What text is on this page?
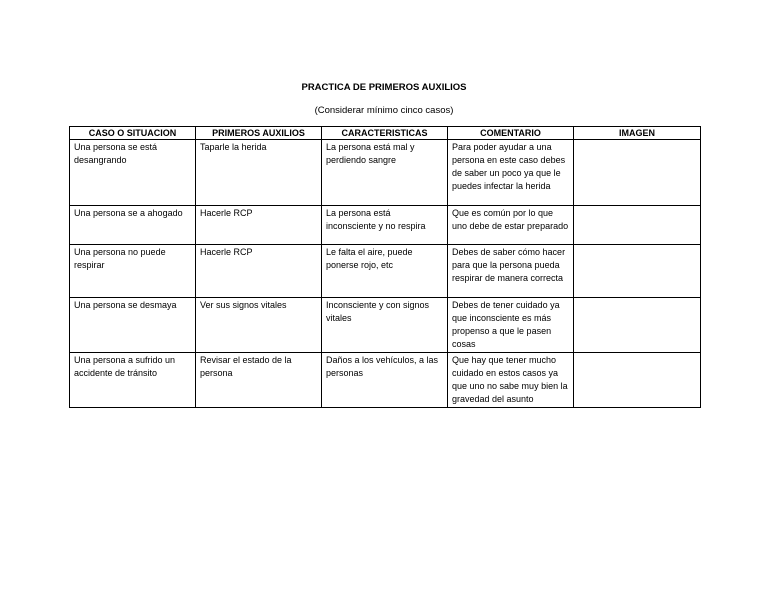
PRACTICA DE PRIMEROS AUXILIOS
(Considerar mínimo cinco casos)
CASO O SITUACION	PRIMEROS AUXILIOS	CARACTERISTICAS	COMENTARIO	IMAGEN
Una persona se está desangrando	Taparle la herida	La persona está mal y perdiendo sangre	Para poder ayudar a una persona en este caso debes de saber un poco ya que le puedes infectar la herida	
Una persona se a ahogado	Hacerle RCP	La persona está inconsciente y no respira	Que es común por lo que uno debe de estar preparado	
Una persona no puede respirar	Hacerle RCP	Le falta el aire, puede ponerse rojo, etc	Debes de saber cómo hacer para que la persona pueda respirar de manera correcta	
Una persona se desmaya	Ver sus signos vitales	Inconsciente y con signos vitales	Debes de tener cuidado ya que inconsciente es más propenso a que le pasen cosas	
Una persona a sufrido un accidente de tránsito	Revisar el estado de la persona	Daños a los vehículos, a las personas	Que hay que tener mucho cuidado en estos casos ya que uno no sabe muy bien la gravedad del asunto	
